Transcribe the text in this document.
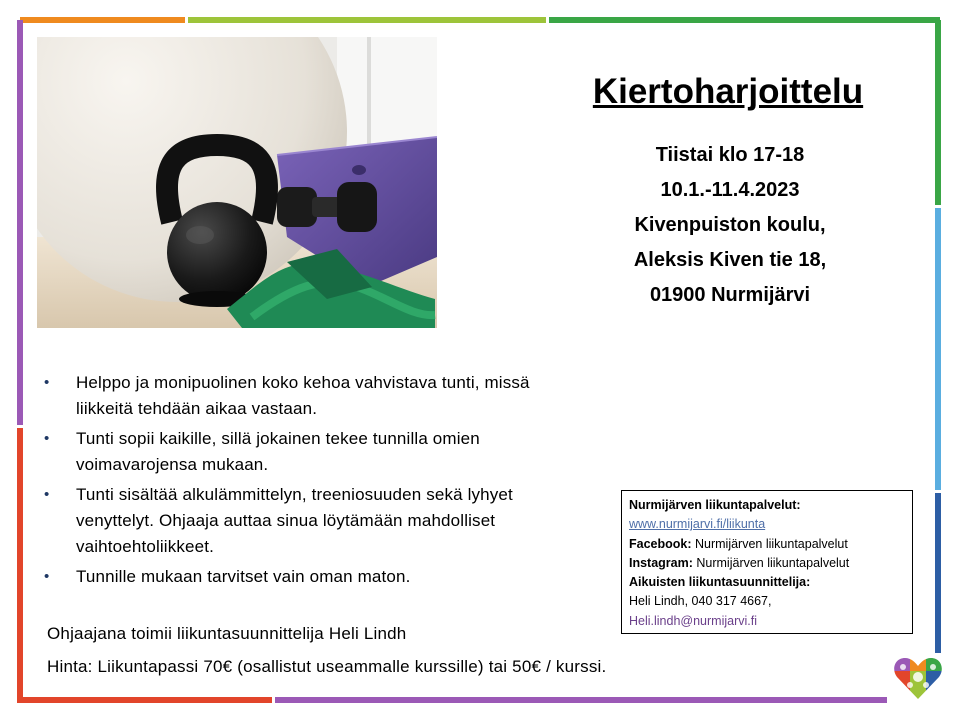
Kiertoharjoittelu
Tiistai klo 17-18
10.1.-11.4.2023
Kivenpuiston koulu,
Aleksis Kiven tie 18,
01900 Nurmijärvi
• Helppo ja monipuolinen koko kehoa vahvistava tunti, missä liikkeitä tehdään aikaa vastaan.
• Tunti sopii kaikille, sillä jokainen tekee tunnilla omien voimavarojensa mukaan.
• Tunti sisältää alkulämmittelyn, treeniosuuden sekä lyhyet venyttelyt. Ohjaaja auttaa sinua löytämään mahdolliset vaihtoehtoliikkeet.
• Tunnille mukaan tarvitset vain oman maton.
Ohjaajana toimii liikuntasuunnittelija Heli Lindh
Hinta: Liikuntapassi 70€ (osallistut useammalle kurssille) tai 50€ / kurssi.
Nurmijärven liikuntapalvelut:
www.nurmijarvi.fi/liikunta
Facebook: Nurmijärven liikuntapalvelut
Instagram: Nurmijärven liikuntapalvelut
Aikuisten liikuntasuunnittelija:
Heli Lindh, 040 317 4667,
Heli.lindh@nurmijarvi.fi
